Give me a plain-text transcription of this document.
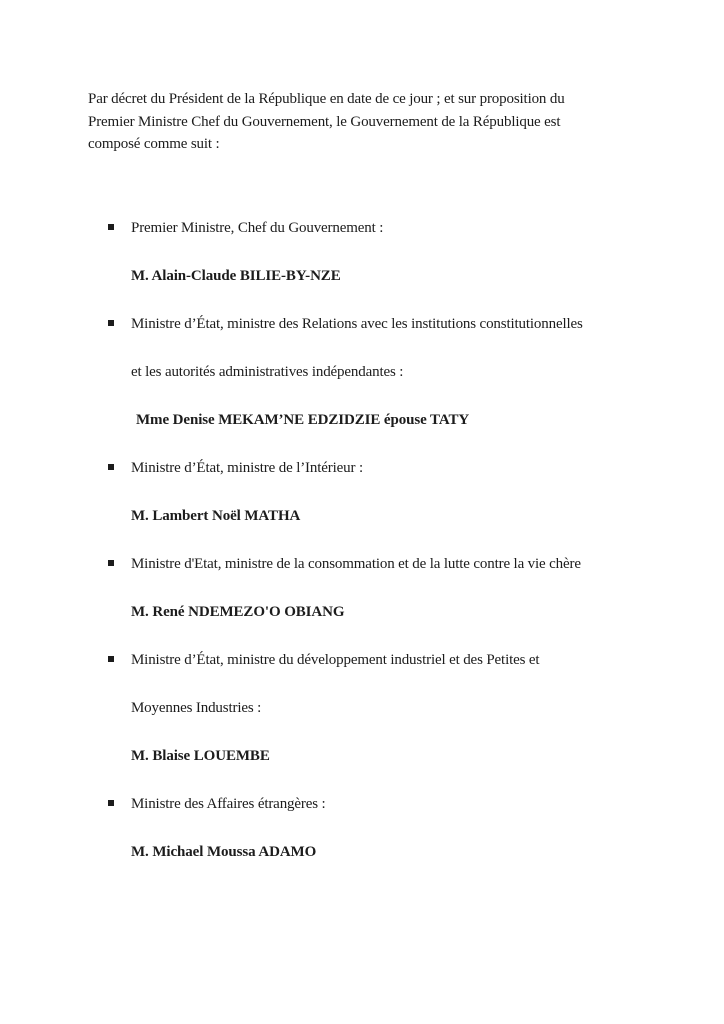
Par décret du Président de la République en date de ce jour ; et sur proposition du
Premier Ministre Chef du Gouvernement, le Gouvernement de la République est
composé comme suit :

Premier Ministre, Chef du Gouvernement :
M. Alain-Claude BILIE-BY-NZE
Ministre d’État, ministre des Relations avec les institutions constitutionnelles
et les autorités administratives indépendantes :
Mme Denise MEKAM’NE EDZIDZIE épouse TATY
Ministre d’État, ministre de l’Intérieur :
M. Lambert Noël MATHA
Ministre d'Etat, ministre de la consommation et de la lutte contre la vie chère
M. René NDEMEZO'O OBIANG
Ministre d’État, ministre du développement industriel et des Petites et
Moyennes Industries :
M. Blaise LOUEMBE
Ministre des Affaires étrangères :
M. Michael Moussa ADAMO
